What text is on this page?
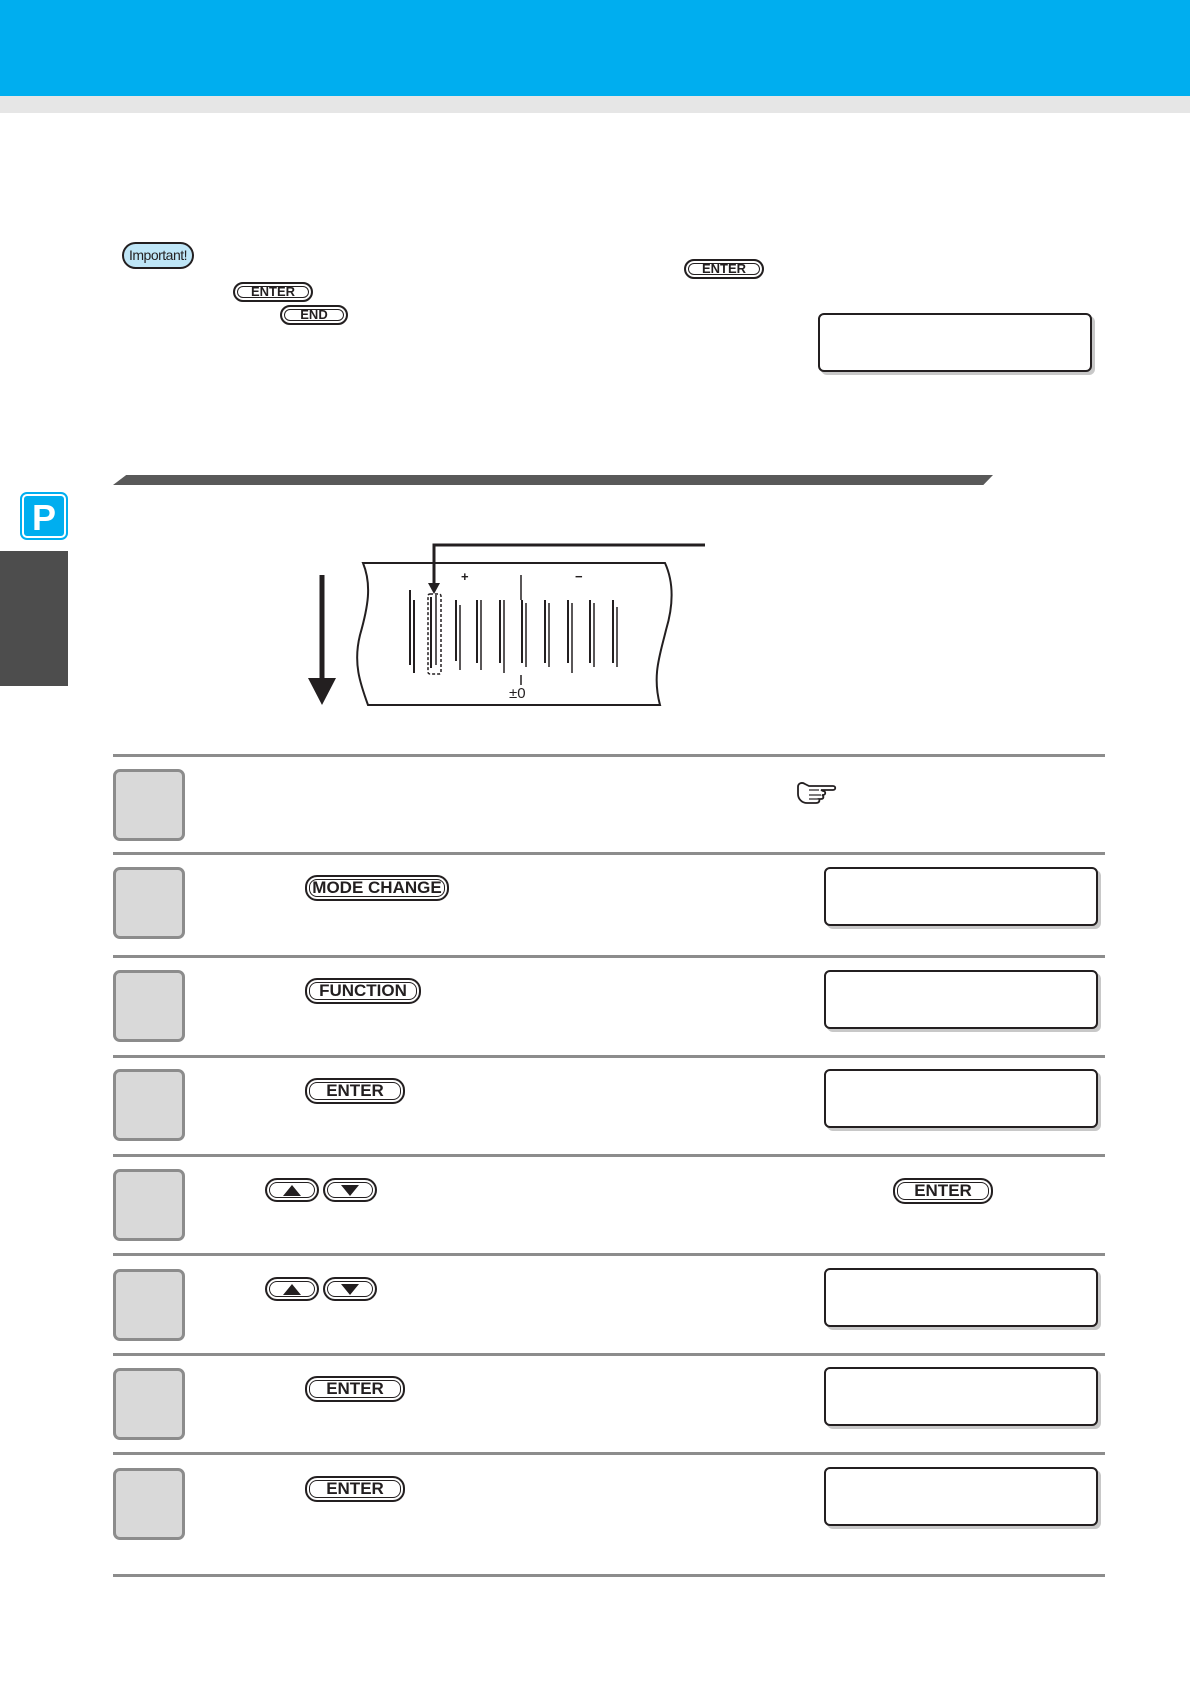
P
Important!
ENTER
ENTER
END
+	−
±0
MODE CHANGE
FUNCTION
ENTER
ENTER
ENTER
ENTER
